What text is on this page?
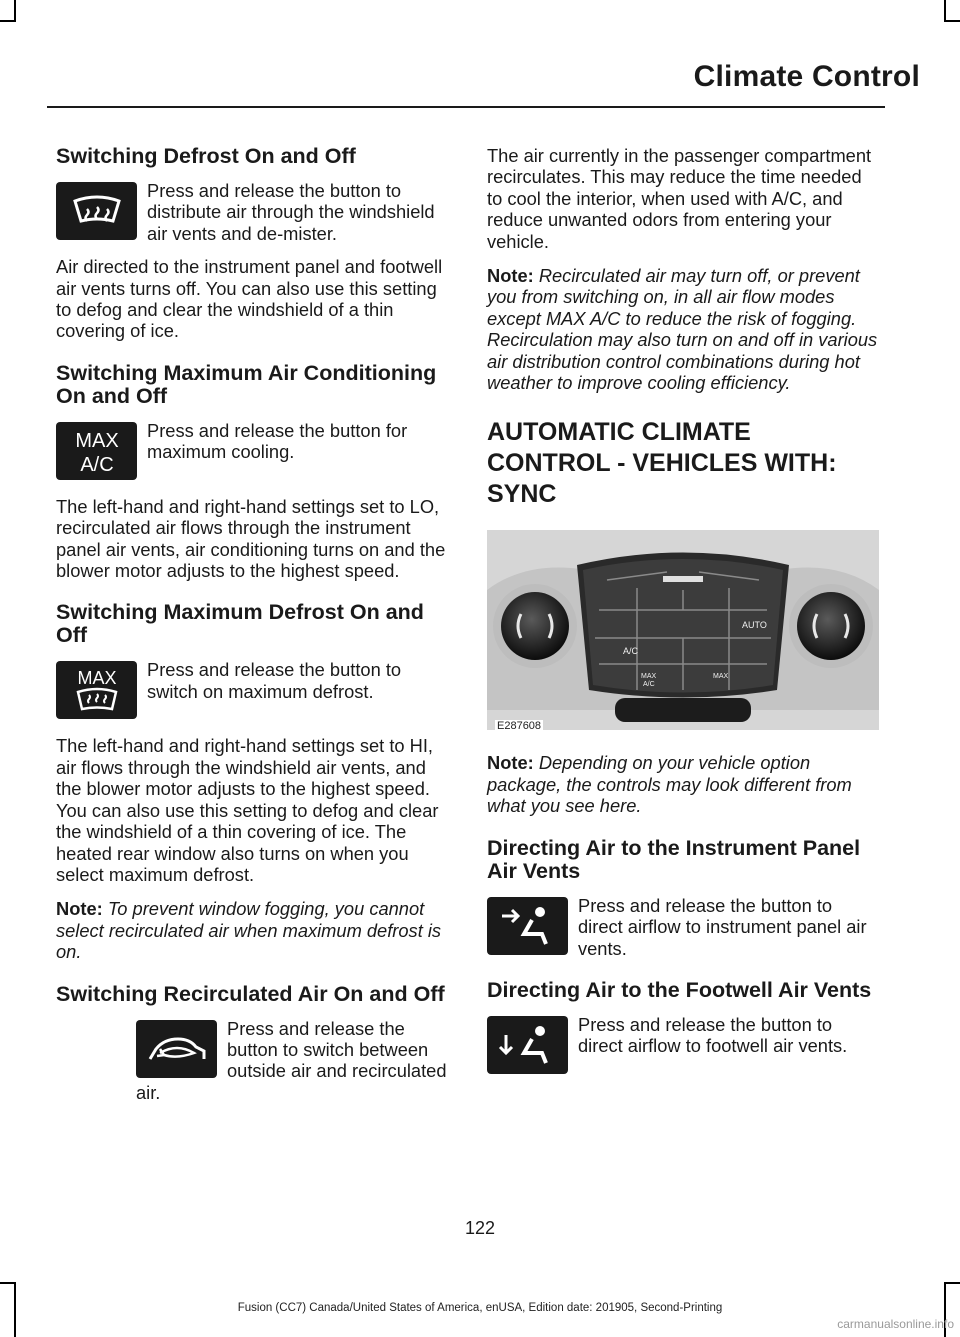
Climate Control
Switching Defrost On and Off

Press and release the button to distribute air through the windshield air vents and de-mister.

Air directed to the instrument panel and footwell air vents turns off. You can also use this setting to defog and clear the windshield of a thin covering of ice.

Switching Maximum Air Conditioning On and Off
MAX
A/C

Press and release the button for maximum cooling.

The left-hand and right-hand settings set to LO, recirculated air flows through the instrument panel air vents, air conditioning turns on and the blower motor adjusts to the highest speed.

Switching Maximum Defrost On and Off
MAX	Press and release the button to switch on maximum defrost.

The left-hand and right-hand settings set to HI, air flows through the windshield air vents, and the blower motor adjusts to the highest speed. You can also use this setting to defog and clear the windshield of a thin covering of ice. The heated rear window also turns on when you select maximum defrost.

Note: To prevent window fogging, you cannot select recirculated air when maximum defrost is on.

Switching Recirculated Air On and Off

Press and release the button to switch between outside air and recirculated air.

The air currently in the passenger compartment recirculates. This may reduce the time needed to cool the interior, when used with A/C, and reduce unwanted odors from entering your vehicle.

Note: Recirculated air may turn off, or prevent you from switching on, in all air flow modes except MAX A/C to reduce the risk of fogging. Recirculation may also turn on and off in various air distribution control combinations during hot weather to improve cooling efficiency.

AUTOMATIC CLIMATE
CONTROL - VEHICLES WITH:
SYNC
AUTO
A/C
MAX
A/C
MAX
E287608

Note: Depending on your vehicle option package, the controls may look different from what you see here.

Directing Air to the Instrument Panel Air Vents

Press and release the button to direct airflow to instrument panel air vents.

Directing Air to the Footwell Air Vents

Press and release the button to direct airflow to footwell air vents.

122
Fusion (CC7) Canada/United States of America, enUSA, Edition date: 201905, Second-Printing
carmanualsonline.info
